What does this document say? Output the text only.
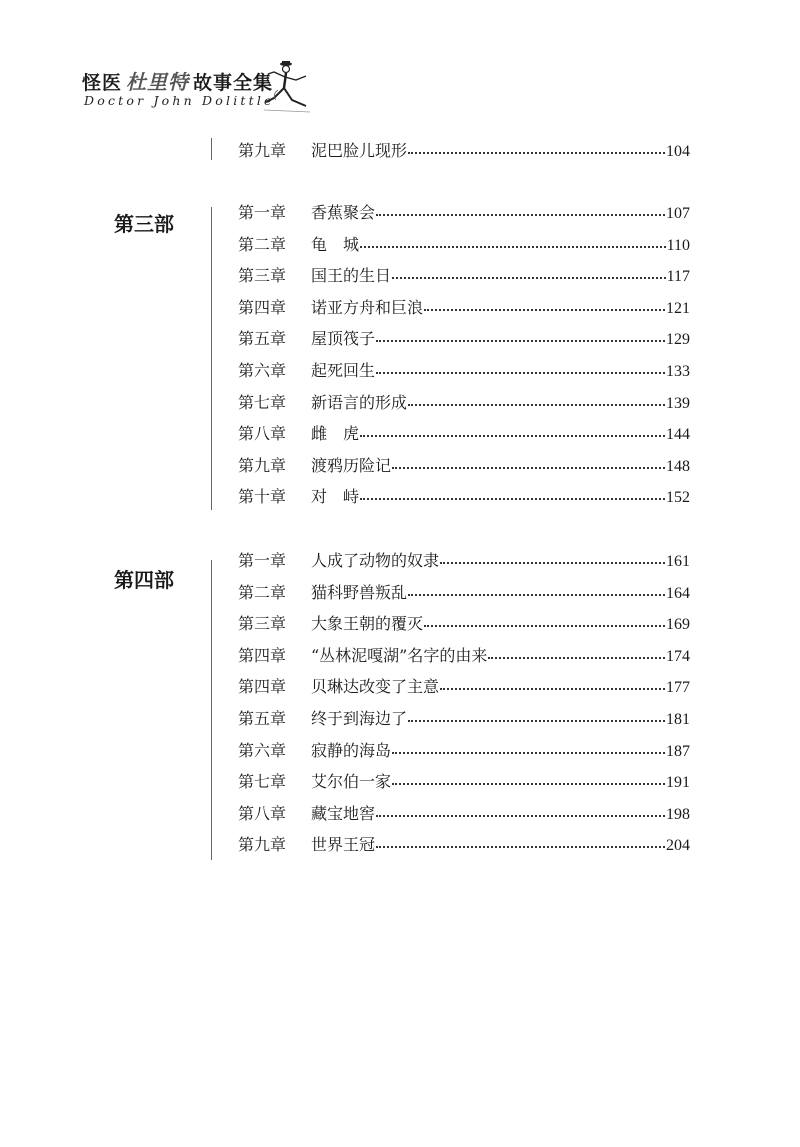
怪医 杜里特 故事全集
Doctor John Dolittle
第九章	泥巴脸儿现形	104
第三部	第一章	香蕉聚会	107
第二章	龟　城	110
第三章	国王的生日	117
第四章	诺亚方舟和巨浪	121
第五章	屋顶筏子	129
第六章	起死回生	133
第七章	新语言的形成	139
第八章	雌　虎	144
第九章	渡鸦历险记	148
第十章	对　峙	152
第四部
第一章	人成了动物的奴隶	161
第二章	猫科野兽叛乱	164
第三章	大象王朝的覆灭	169
第四章	“丛林泥嘎湖”名字的由来	174
第四章	贝琳达改变了主意	177
第五章	终于到海边了	181
第六章	寂静的海岛	187
第七章	艾尔伯一家	191
第八章	藏宝地窖	198
第九章	世界王冠	204
